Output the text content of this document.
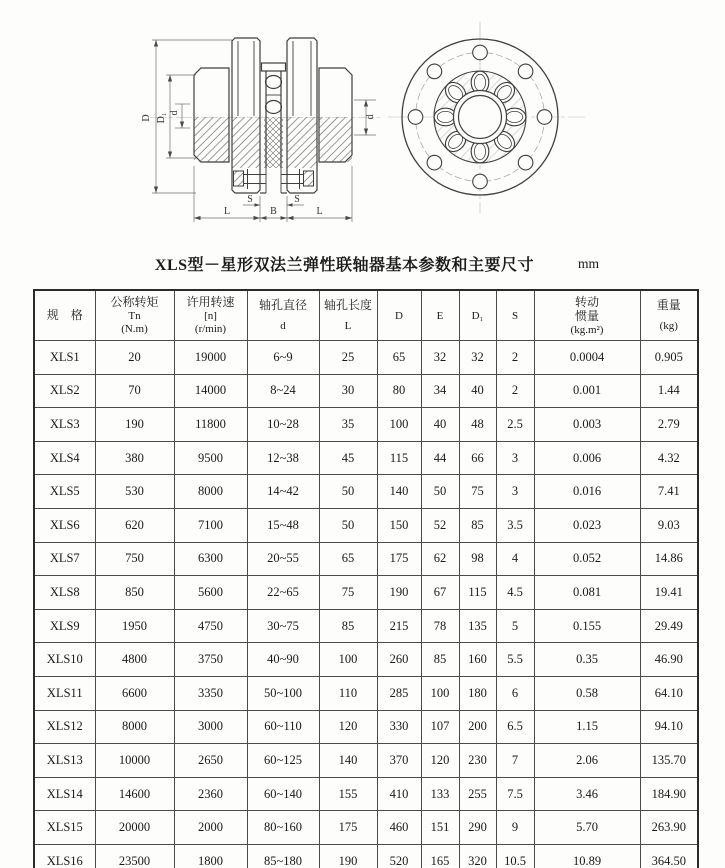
D D₁ d
d
L
S
B
S
L
XLS型－星形双法兰弹性联轴器基本参数和主要尺寸	mm
规　格

公称转矩
Tn
(N.m)

许用转速
[n]
(r/min)

轴孔直径
d

轴孔长度
L

D	E	D₁	S

转动
惯量
(kg.m²)

重量
(kg)

XLS1	20	19000	6~9	25	65	32	32	2	0.0004	0.905
XLS2	70	14000	8~24	30	80	34	40	2	0.001	1.44
XLS3	190	11800	10~28	35	100	40	48	2.5	0.003	2.79
XLS4	380	9500	12~38	45	115	44	66	3	0.006	4.32
XLS5	530	8000	14~42	50	140	50	75	3	0.016	7.41
XLS6	620	7100	15~48	50	150	52	85	3.5	0.023	9.03
XLS7	750	6300	20~55	65	175	62	98	4	0.052	14.86
XLS8	850	5600	22~65	75	190	67	115	4.5	0.081	19.41
XLS9	1950	4750	30~75	85	215	78	135	5	0.155	29.49
XLS10	4800	3750	40~90	100	260	85	160	5.5	0.35	46.90
XLS11	6600	3350	50~100	110	285	100	180	6	0.58	64.10
XLS12	8000	3000	60~110	120	330	107	200	6.5	1.15	94.10
XLS13	10000	2650	60~125	140	370	120	230	7	2.06	135.70
XLS14	14600	2360	60~140	155	410	133	255	7.5	3.46	184.90
XLS15	20000	2000	80~160	175	460	151	290	9	5.70	263.90
XLS16	23500	1800	85~180	190	520	165	320	10.5	10.89	364.50
